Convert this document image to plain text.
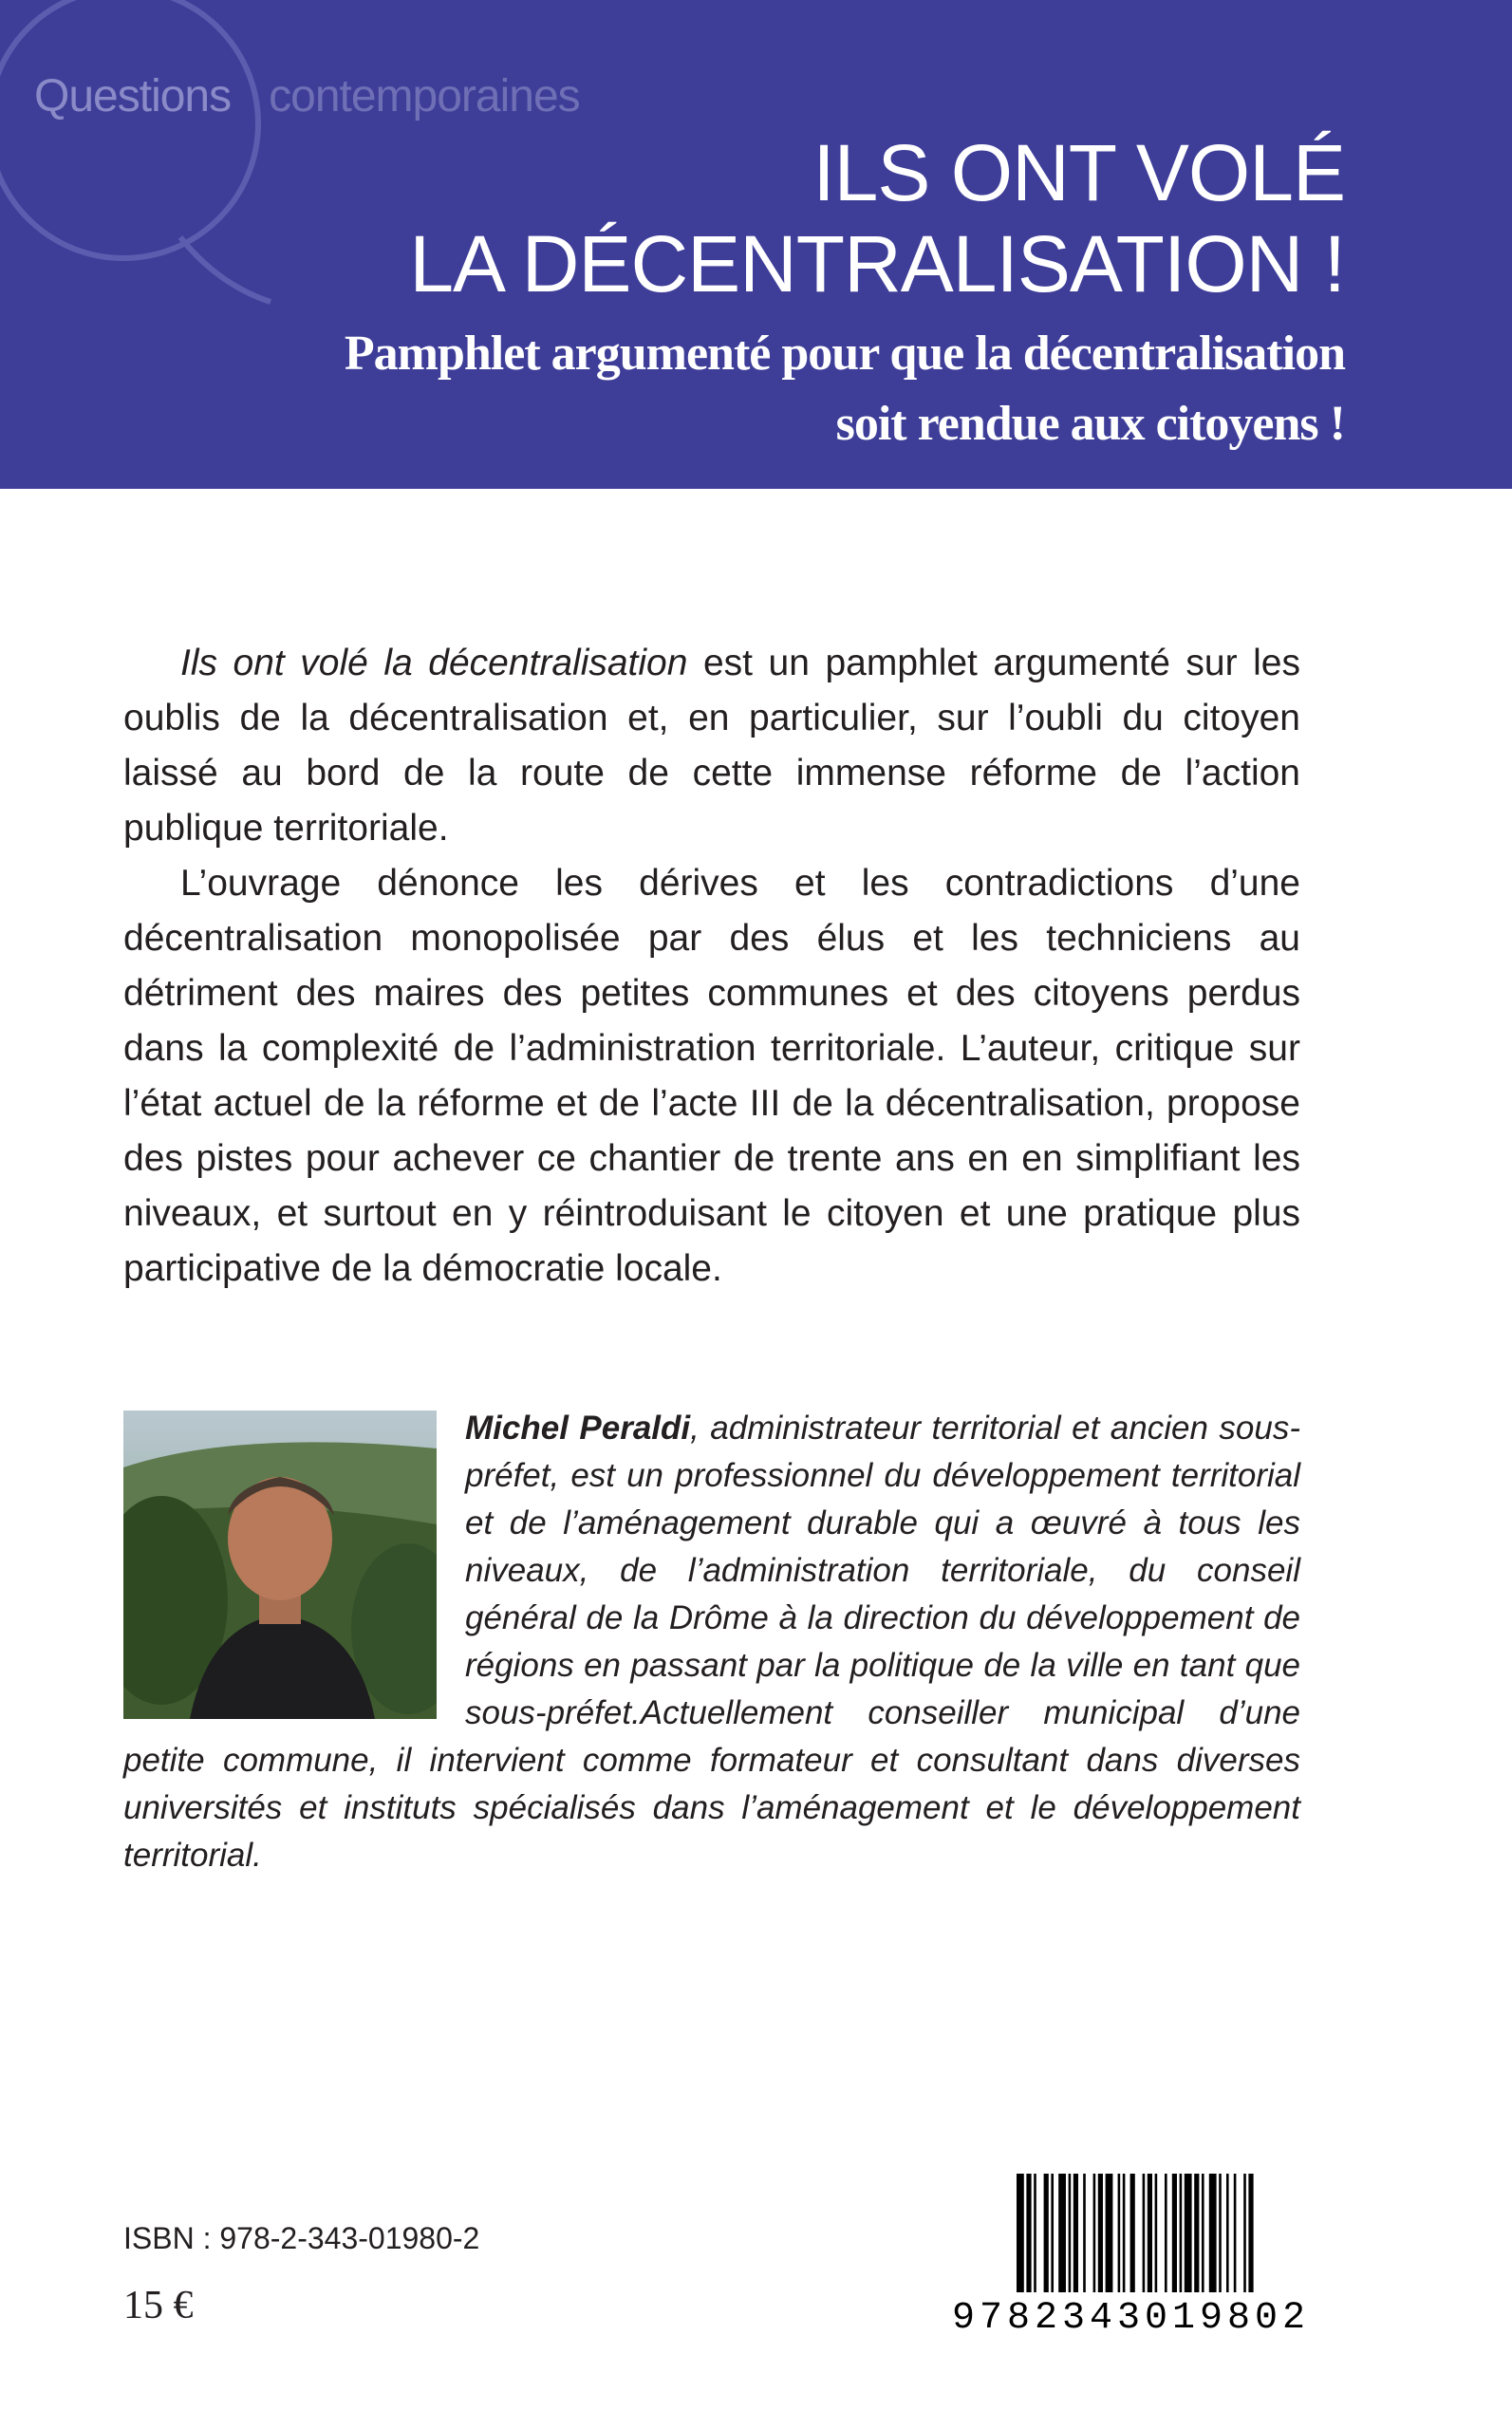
Questions contemporaines
ILS ONT VOLÉ
LA DÉCENTRALISATION !
Pamphlet argumenté pour que la décentralisation
soit rendue aux citoyens !

Ils ont volé la décentralisation est un pamphlet argumenté sur les oublis de la décentralisation et, en particulier, sur l’oubli du citoyen laissé au bord de la route de cette immense réforme de l’action publique territoriale.

L’ouvrage dénonce les dérives et les contradictions d’une décentralisation monopolisée par des élus et les techniciens au détriment des maires des petites communes et des citoyens perdus dans la complexité de l’administration territoriale. L’auteur, critique sur l’état actuel de la réforme et de l’acte III de la décentralisation, propose des pistes pour achever ce chantier de trente ans en en simplifiant les niveaux, et surtout en y réintroduisant le citoyen et une pratique plus participative de la démocratie locale.

Michel Peraldi, administrateur territorial et ancien sous-préfet, est un professionnel du développement territorial et de l’aménagement durable qui a œuvré à tous les niveaux, de l’administration territoriale, du conseil général de la Drôme à la direction du développement de régions en passant par la politique de la ville en tant que sous-préfet.Actuellement conseiller municipal d’une petite commune, il intervient comme formateur et consultant dans diverses universités et instituts spécialisés dans l’aménagement et le développement territorial.
ISBN : 978-2-343-01980-2
15 €	9782343019802
